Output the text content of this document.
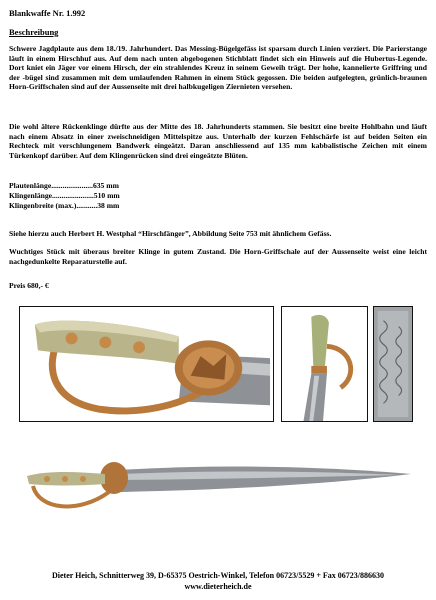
Blankwaffe Nr. 1.992
Beschreibung
Schwere Jagdplaute aus dem 18./19. Jahrhundert. Das Messing-Bügelgefäss ist sparsam durch Linien verziert. Die Parierstange läuft in einem Hirschhuf aus. Auf dem nach unten abgebogenen Stichblatt findet sich ein Hinweis auf die Hubertus-Legende. Dort kniet ein Jäger vor einem Hirsch, der ein strahlendes Kreuz in seinem Geweih trägt. Der hohe, kannelierte Griffring und der -bügel sind zusammen mit dem umlaufenden Rahmen in einem Stück gegossen. Die beiden aufgelegten, grünlich-braunen Horn-Griffschalen sind auf der Aussenseite mit drei halbkugeligen Ziernieten versehen.
Die wohl ältere Rückenklinge dürfte aus der Mitte des 18. Jahrhunderts stammen. Sie besitzt eine breite Hohlbahn und läuft nach einem Absatz in einer zweischneidigen Mittelspitze aus. Unterhalb der kurzen Fehlschärfe ist auf beiden Seiten ein Rechteck mit verschlungenem Bandwerk eingeätzt. Daran anschliessend auf 135 mm kabbalistische Zeichen mit einem Türkenkopf darüber. Auf dem Klingenrücken sind drei eingeätzte Blüten.
Plautenlänge......................635 mm
Klingenlänge......................510 mm
Klingenbreite (max.)...........38 mm
Siehe hierzu auch Herbert H. Westphal “Hirschfänger”, Abbildung Seite 753 mit ähnlichem Gefäss.
Wuchtiges Stück mit überaus breiter Klinge in gutem Zustand. Die Horn-Griffschale auf der Aussenseite weist eine leicht nachgedunkelte Reparaturstelle auf.
Preis 680,- €
Dieter Heich, Schnitterweg 39, D-65375 Oestrich-Winkel, Telefon 06723/5529 + Fax 06723/886630
www.dieterheich.de
